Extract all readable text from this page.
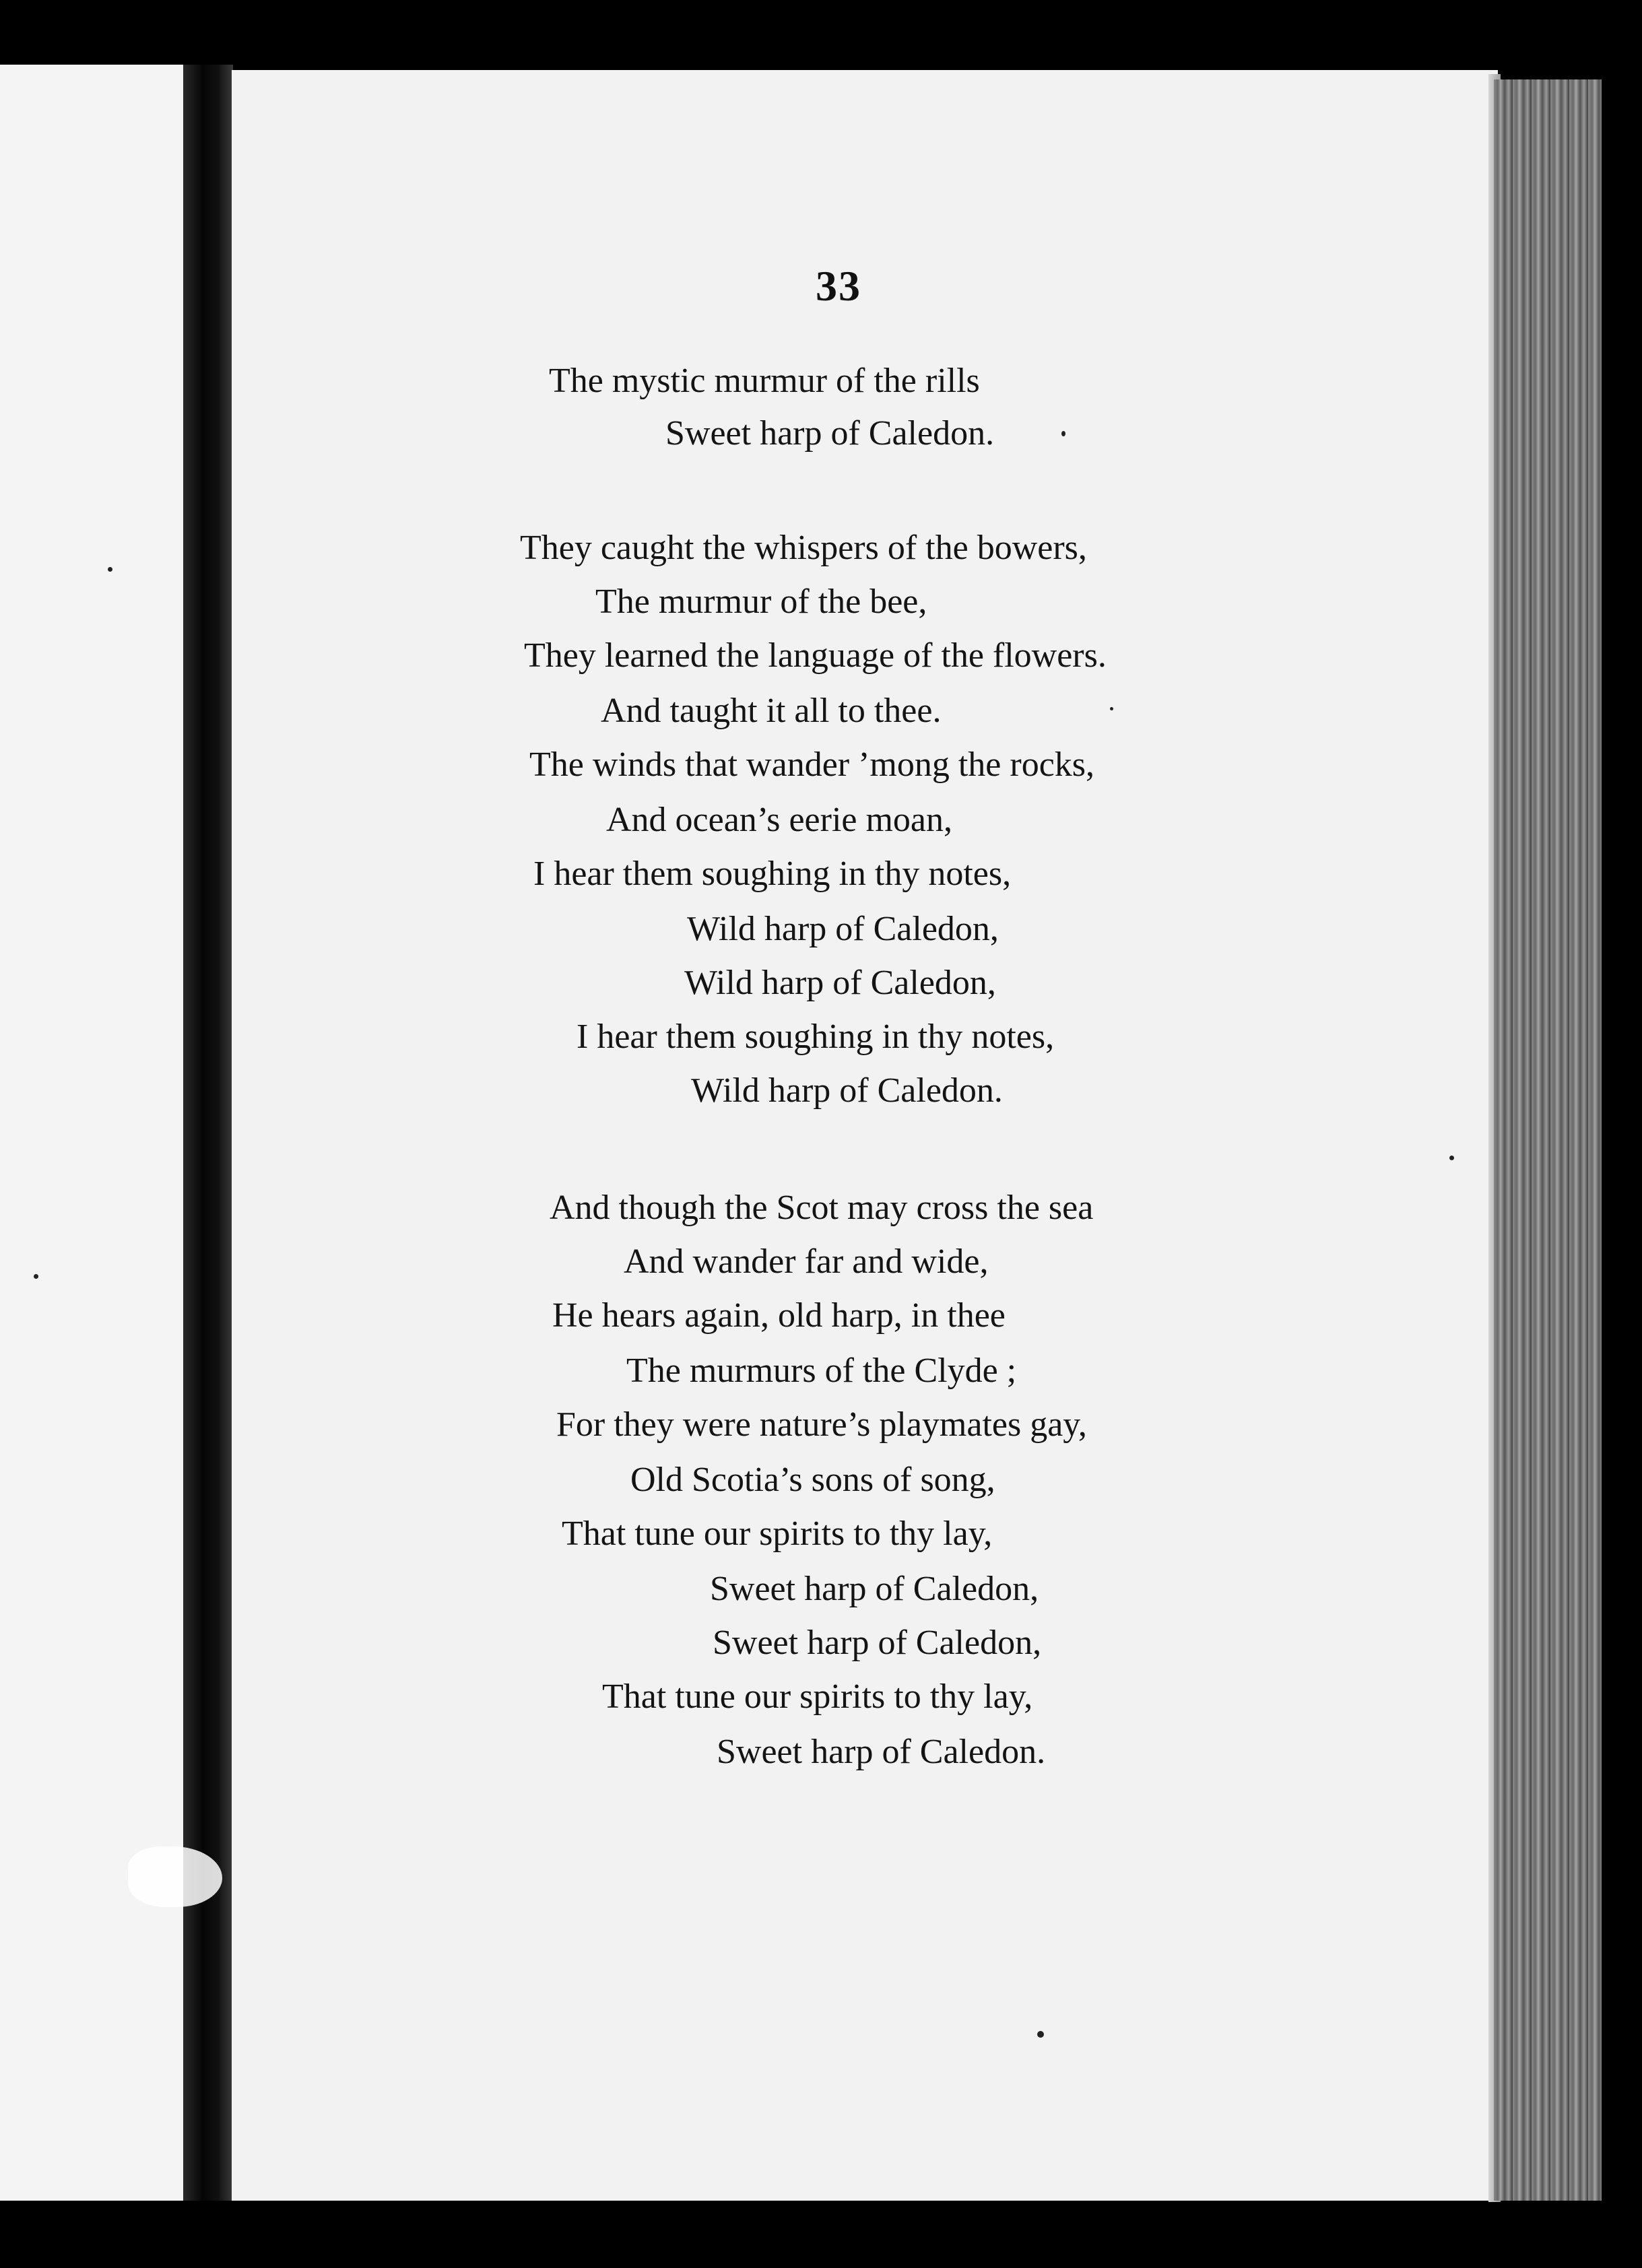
33
The mystic murmur of the rills
Sweet harp of Caledon.
They caught the whispers of the bowers,
The murmur of the bee,
They learned the language of the flowers.
And taught it all to thee.
The winds that wander ’mong the rocks,
And ocean’s eerie moan,
I hear them soughing in thy notes,
Wild harp of Caledon,
Wild harp of Caledon,
I hear them soughing in thy notes,
Wild harp of Caledon.
And though the Scot may cross the sea
And wander far and wide,
He hears again, old harp, in thee
The murmurs of the Clyde ;
For they were nature’s playmates gay,
Old Scotia’s sons of song,
That tune our spirits to thy lay,
Sweet harp of Caledon,
Sweet harp of Caledon,
That tune our spirits to thy lay,
Sweet harp of Caledon.
